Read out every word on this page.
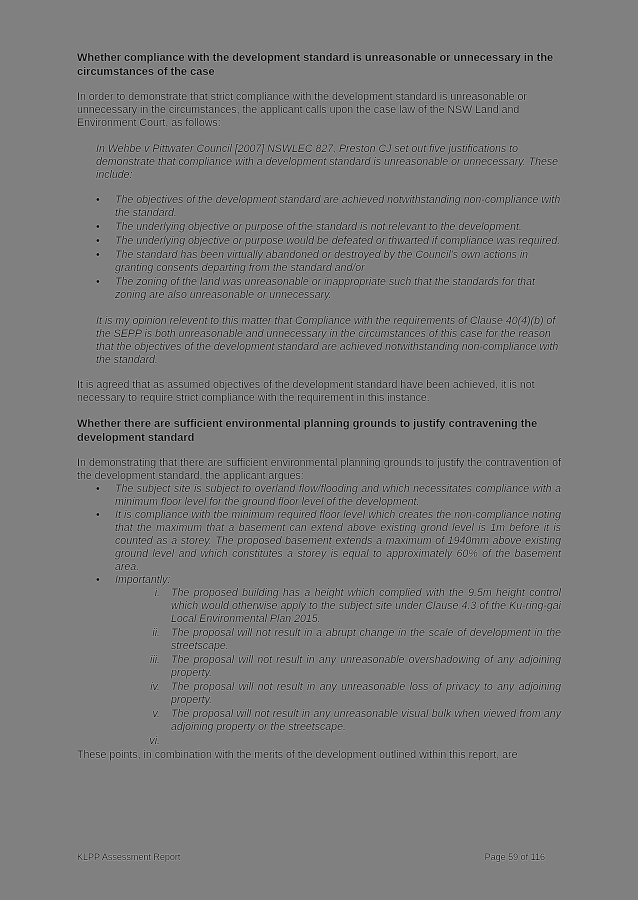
Whether compliance with the development standard is unreasonable or unnecessary in the circumstances of the case
In order to demonstrate that strict compliance with the development standard is unreasonable or unnecessary in the circumstances, the applicant calls upon the case law of the NSW Land and Environment Court, as follows:
In Wehbe v Pittwater Council [2007] NSWLEC 827, Preston CJ set out five justifications to demonstrate that compliance with a development standard is unreasonable or unnecessary. These include:
• The objectives of the development standard are achieved notwithstanding non-compliance with the standard.
• The underlying objective or purpose of the standard is not relevant to the development.
• The underlying objective or purpose would be defeated or thwarted if compliance was required.
• The standard has been virtually abandoned or destroyed by the Council's own actions in granting consents departing from the standard and/or
• The zoning of the land was unreasonable or inappropriate such that the standards for that zoning are also unreasonable or unnecessary.
It is my opinion relevent to this matter that Compliance with the requirements of Clause 40(4)(b) of the SEPP is both unreasonable and unnecessary in the circumstances of this case for the reason that the objectives of the development standard are achieved notwithstanding non-compliance with the standard.
It is agreed that as assumed objectives of the development standard have been achieved, it is not necessary to require strict compliance with the requirement in this instance.
Whether there are sufficient environmental planning grounds to justify contravening the development standard
In demonstrating that there are sufficient environmental planning grounds to justify the contravention of the development standard, the applicant argues:
• The subject site is subject to overland flow/flooding and which necessitates compliance with a minimum floor level for the ground floor level of the development.
• It is compliance with the minimum required floor level which creates the non-compliance noting that the maximum that a basement can extend above existing grond level is 1m before it is counted as a storey. The proposed basement extends a maximum of 1940mm above existing ground level and which constitutes a storey is equal to approximately 60% of the basement area.
• Importantly:
i. The proposed building has a height which complied with the 9.5m height control which would otherwise apply to the subject site under Clause 4.3 of the Ku-ring-gai Local Environmental Plan 2015.
ii. The proposal will not result in a abrupt change in the scale of development in the streetscape.
iii. The proposal will not result in any unreasonable overshadowing of any adjoining property.
iv. The proposal will not result in any unreasonable loss of privacy to any adjoining property.
v. The proposal will not result in any unreasonable visual bulk when viewed from any adjoining property or the streetscape.
vi.

These points, in combination with the merits of the development outlined within this report, are
KLPP Assessment Report	Page 59 of 116
